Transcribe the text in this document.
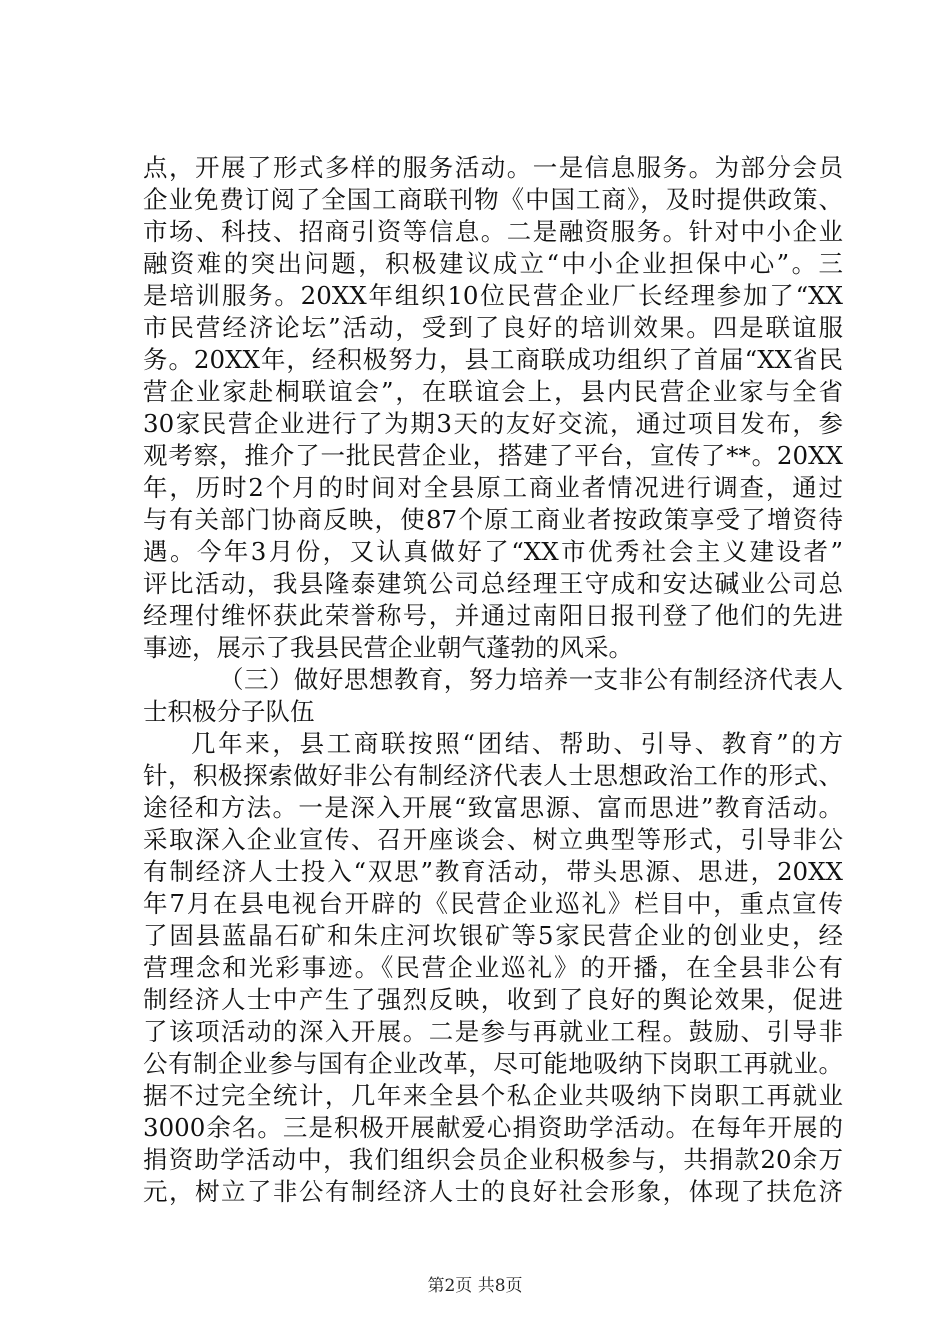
点，开展了形式多样的服务活动。一是信息服务。为部分会员
企业免费订阅了全国工商联刊物《中国工商》，及时提供政策、
市场、科技、招商引资等信息。二是融资服务。针对中小企业
融资难的突出问题，积极建议成立“中小企业担保中心”。三
是培训服务。20XX年组织10位民营企业厂长经理参加了“XX
市民营经济论坛”活动，受到了良好的培训效果。四是联谊服
务。20XX年，经积极努力，县工商联成功组织了首届“XX省民
营企业家赴桐联谊会”，在联谊会上，县内民营企业家与全省
30家民营企业进行了为期3天的友好交流，通过项目发布，参
观考察，推介了一批民营企业，搭建了平台，宣传了**。20XX
年，历时2个月的时间对全县原工商业者情况进行调查，通过
与有关部门协商反映，使87个原工商业者按政策享受了增资待
遇。今年3月份，又认真做好了“XX市优秀社会主义建设者”
评比活动，我县隆泰建筑公司总经理王守成和安达碱业公司总
经理付维怀获此荣誉称号，并通过南阳日报刊登了他们的先进
事迹，展示了我县民营企业朝气蓬勃的风采。
（三）做好思想教育，努力培养一支非公有制经济代表人
士积极分子队伍
几年来，县工商联按照“团结、帮助、引导、教育”的方
针，积极探索做好非公有制经济代表人士思想政治工作的形式、
途径和方法。一是深入开展“致富思源、富而思进”教育活动。
采取深入企业宣传、召开座谈会、树立典型等形式，引导非公
有制经济人士投入“双思”教育活动，带头思源、思进，20XX
年7月在县电视台开辟的《民营企业巡礼》栏目中，重点宣传
了固县蓝晶石矿和朱庄河坎银矿等5家民营企业的创业史，经
营理念和光彩事迹。《民营企业巡礼》的开播，在全县非公有
制经济人士中产生了强烈反映，收到了良好的舆论效果，促进
了该项活动的深入开展。二是参与再就业工程。鼓励、引导非
公有制企业参与国有企业改革，尽可能地吸纳下岗职工再就业。
据不过完全统计，几年来全县个私企业共吸纳下岗职工再就业
3000余名。三是积极开展献爱心捐资助学活动。在每年开展的
捐资助学活动中，我们组织会员企业积极参与，共捐款20余万
元，树立了非公有制经济人士的良好社会形象，体现了扶危济
第2页 共8页
